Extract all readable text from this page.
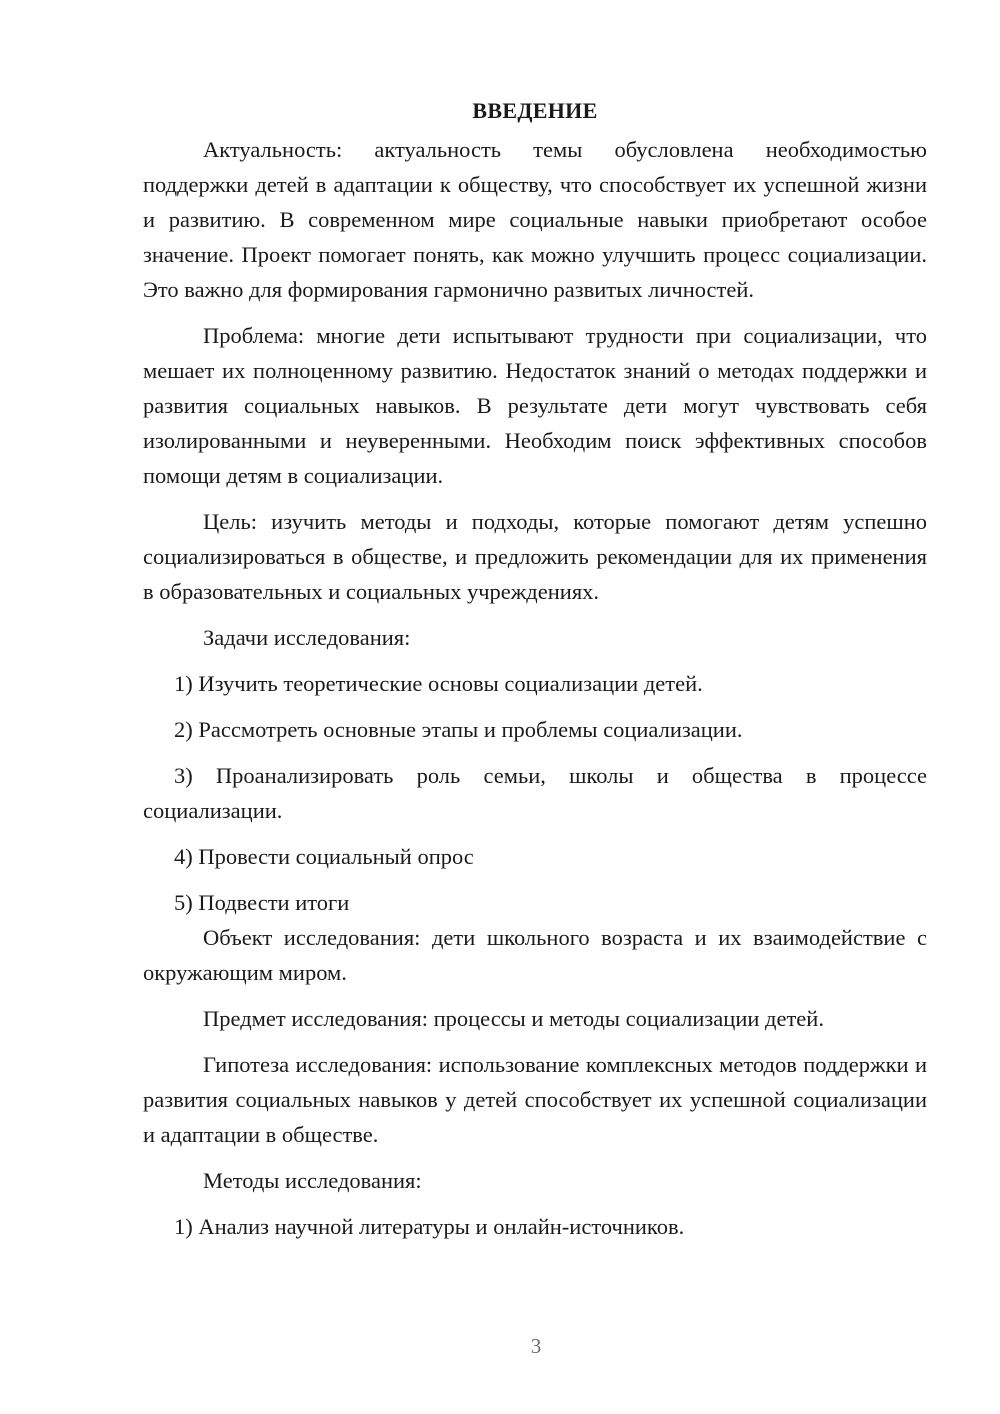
ВВЕДЕНИЕ

Актуальность: актуальность темы обусловлена необходимостью поддержки детей в адаптации к обществу, что способствует их успешной жизни и развитию. В современном мире социальные навыки приобретают особое значение. Проект помогает понять, как можно улучшить процесс социализации. Это важно для формирования гармонично развитых личностей.

Проблема: многие дети испытывают трудности при социализации, что мешает их полноценному развитию. Недостаток знаний о методах поддержки и развития социальных навыков. В результате дети могут чувствовать себя изолированными и неуверенными. Необходим поиск эффективных способов помощи детям в социализации.

Цель: изучить методы и подходы, которые помогают детям успешно социализироваться в обществе, и предложить рекомендации для их применения в образовательных и социальных учреждениях.

Задачи исследования:

1) Изучить теоретические основы социализации детей.

2) Рассмотреть основные этапы и проблемы социализации.

3) Проанализировать роль семьи, школы и общества в процессе социализации.

4) Провести социальный опрос

5) Подвести итоги

Объект исследования: дети школьного возраста и их взаимодействие с окружающим миром.

Предмет исследования: процессы и методы социализации детей.

Гипотеза исследования: использование комплексных методов поддержки и развития социальных навыков у детей способствует их успешной социализации и адаптации в обществе.

Методы исследования:

1) Анализ научной литературы и онлайн-источников.

3
